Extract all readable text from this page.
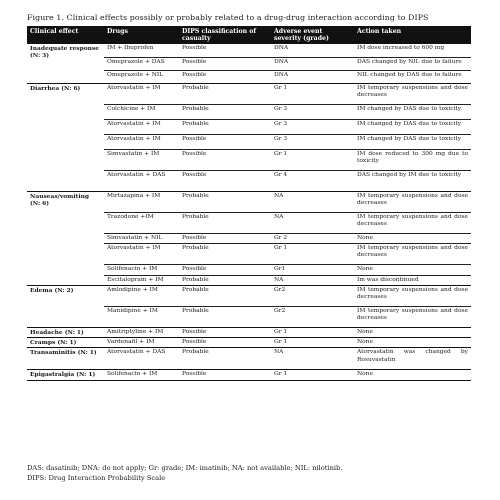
Figure 1. Clinical effects possibly or probably related to a drug-drug interaction according to DIPS
Clinical effect	Drugs	DIPS classification of casualty	Adverse event severity (grade)	Action taken
Inadequate response (N: 3)	IM + Ibuprofen	Possible	DNA	IM dose increased to 600 mg
	Omeprazole + DAS	Possible	DNA	DAS changed by NIL due to failure
	Omeprazole + NIL	Possible	DNA	NIL changed by DAS due to failure
Diarrhea (N: 6)	Atorvastatin + IM	Probable	Gr 1	IM temporary suspensions and dose decreases
	Colchicine + IM	Probable	Gr 3	IM changed by DAS due to toxicity
	Atorvastatin + IM	Probable	Gr 3	IM changed by DAS due to toxicity
	Atorvastatin + IM	Possible	Gr 3	IM changed by DAS due to toxicity
	Simvastatin + IM	Possible	Gr 1	IM dose reduced to 300 mg due to toxicity
	Atorvastatin + DAS	Possible	Gr 4	DAS changed by IM due to toxicity
Nauseas/vomiting (N: 6)	Mirtazapina + IM	Probable	NA	IM temporary suspensions and dose decreases
	Trazodone +IM	Probable	NA	IM temporary suspensions and dose decreases
	Simvastatin + NIL	Possible	Gr 2	None
	Atorvastatin + IM	Probable	Gr 1	IM temporary suspensions and dose decreases
	Solifenacin + IM	Possible	Gr1	None
	Escitalopram + IM	Probable	NA	Im was discontinued
Edema (N: 2)	Amlodipine + IM	Probable	Gr2	IM temporary suspensions and dose decreases
	Manidipine + IM	Probable	Gr2	IM temporary suspensions and dose decreases
Headache (N: 1)	Amitriptyline + IM	Possible	Gr 1	None
Cramps (N: 1)	Vardenafil + IM	Possible	Gr 1	None
Transaminitis (N: 1)	Atorvastatin + DAS	Probable	NA	Atorvastatin was changed by Rosuvastatin
Epigastralgia (N: 1)	Solifenacin + IM	Possible	Gr 1	None
DAS: dasatinib; DNA: do not apply; Gr: grade; IM: imatinib; NA: not available; NIL: nilotinib.
DIPS: Drug Interaction Probability Scale
